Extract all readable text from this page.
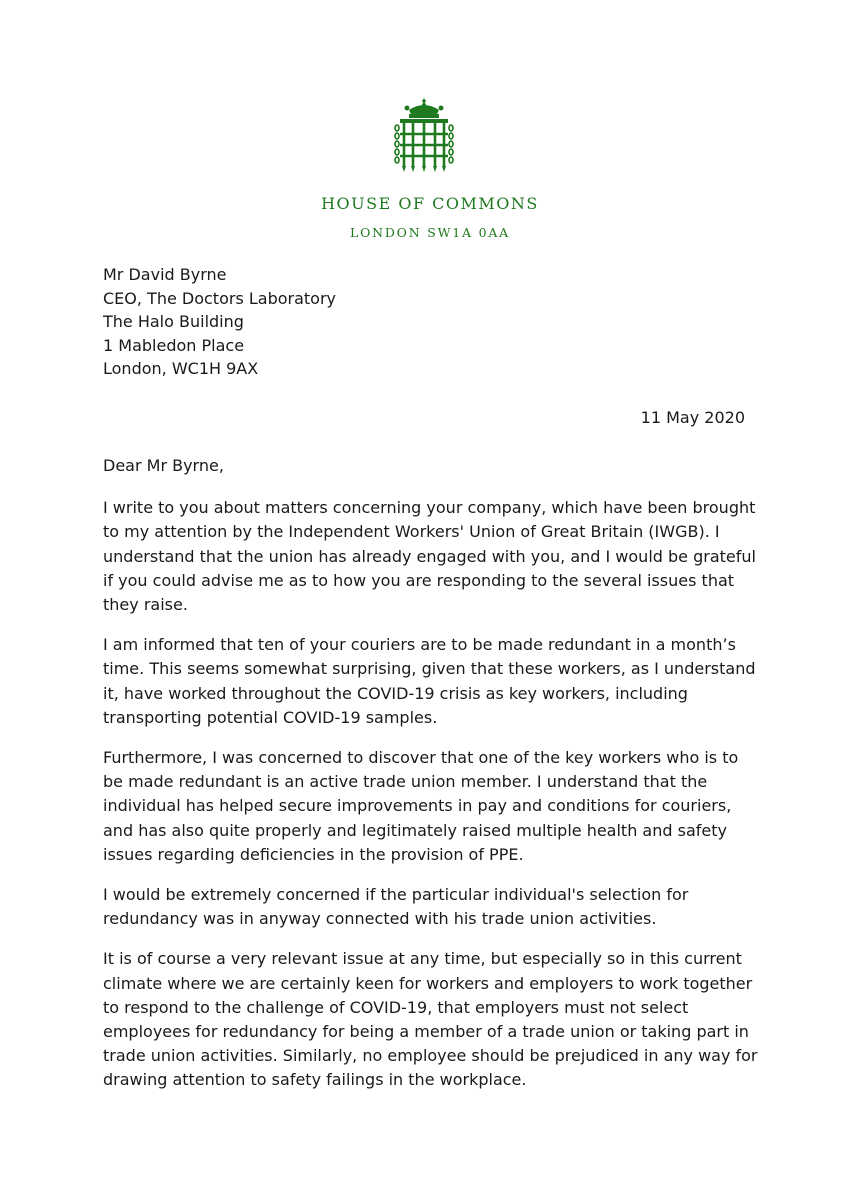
HOUSE OF COMMONS
LONDON SW1A 0AA
Mr David Byrne
CEO, The Doctors Laboratory
The Halo Building
1 Mabledon Place
London, WC1H 9AX
11 May 2020

Dear Mr Byrne,

I write to you about matters concerning your company, which have been brought to my attention by the Independent Workers' Union of Great Britain (IWGB). I understand that the union has already engaged with you, and I would be grateful if you could advise me as to how you are responding to the several issues that they raise.

I am informed that ten of your couriers are to be made redundant in a month’s time. This seems somewhat surprising, given that these workers, as I understand it, have worked throughout the COVID-19 crisis as key workers, including transporting potential COVID-19 samples.

Furthermore, I was concerned to discover that one of the key workers who is to be made redundant is an active trade union member. I understand that the individual has helped secure improvements in pay and conditions for couriers, and has also quite properly and legitimately raised multiple health and safety issues regarding deficiencies in the provision of PPE.

I would be extremely concerned if the particular individual's selection for redundancy was in anyway connected with his trade union activities.

It is of course a very relevant issue at any time, but especially so in this current climate where we are certainly keen for workers and employers to work together to respond to the challenge of COVID-19, that employers must not select employees for redundancy for being a member of a trade union or taking part in trade union activities. Similarly, no employee should be prejudiced in any way for drawing attention to safety failings in the workplace.
